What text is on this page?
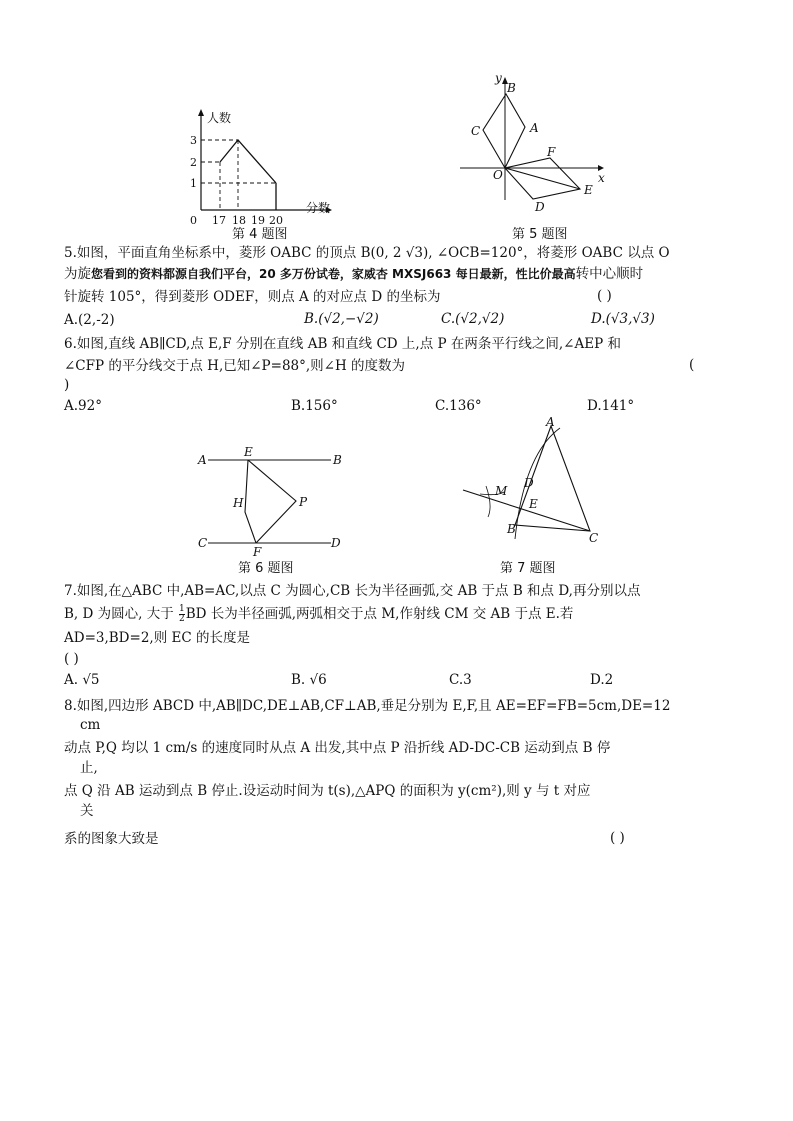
人数
分数
3
2
1
0 17 18 19 20
第 4 题图
x
y
O
A
B
C
D
E
F
第 5 题图
5.如图，平面直角坐标系中，菱形 OABC 的顶点 B(0, 2 √3), ∠OCB=120°，将菱形 OABC 以点 O
为旋您看到的资料都源自我们平台，20 多万份试卷，家威杏 MXSJ663 每日最新，性比价最高转中心顺时
针旋转 105°，得到菱形 ODEF，则点 A 的对应点 D 的坐标为	( )
A.(2,-2)	B.(√2,−√2)	C.(√2,√2)	D.(√3,√3)
6.如图,直线 AB∥CD,点 E,F 分别在直线 AB 和直线 CD 上,点 P 在两条平行线之间,∠AEP 和
∠CFP 的平分线交于点 H,已知∠P=88°,则∠H 的度数为	(
)
A.92°	B.156°	C.136°	D.141°
A	B
C	D
E
F
H	P
第 6 题图
A
B
C
D
E
M
第 7 题图
7.如图,在△ABC 中,AB=AC,以点 C 为圆心,CB 长为半径画弧,交 AB 于点 B 和点 D,再分别以点
B, D 为圆心, 大于 $\frac{1}{2}$ BD 长为半径画弧,两弧相交于点 M,作射线 CM 交 AB 于点 E.若
AD=3,BD=2,则 EC 的长度是
( )
A. √5	B. √6	C.3	D.2
8.如图,四边形 ABCD 中,AB∥DC,DE⊥AB,CF⊥AB,垂足分别为 E,F,且 AE=EF=FB=5cm,DE=12
cm
动点 P,Q 均以 1 cm/s 的速度同时从点 A 出发,其中点 P 沿折线 AD-DC-CB 运动到点 B 停
止,
点 Q 沿 AB 运动到点 B 停止.设运动时间为 t(s),△APQ 的面积为 y(cm²),则 y 与 t 对应
关
系的图象大致是	( )
